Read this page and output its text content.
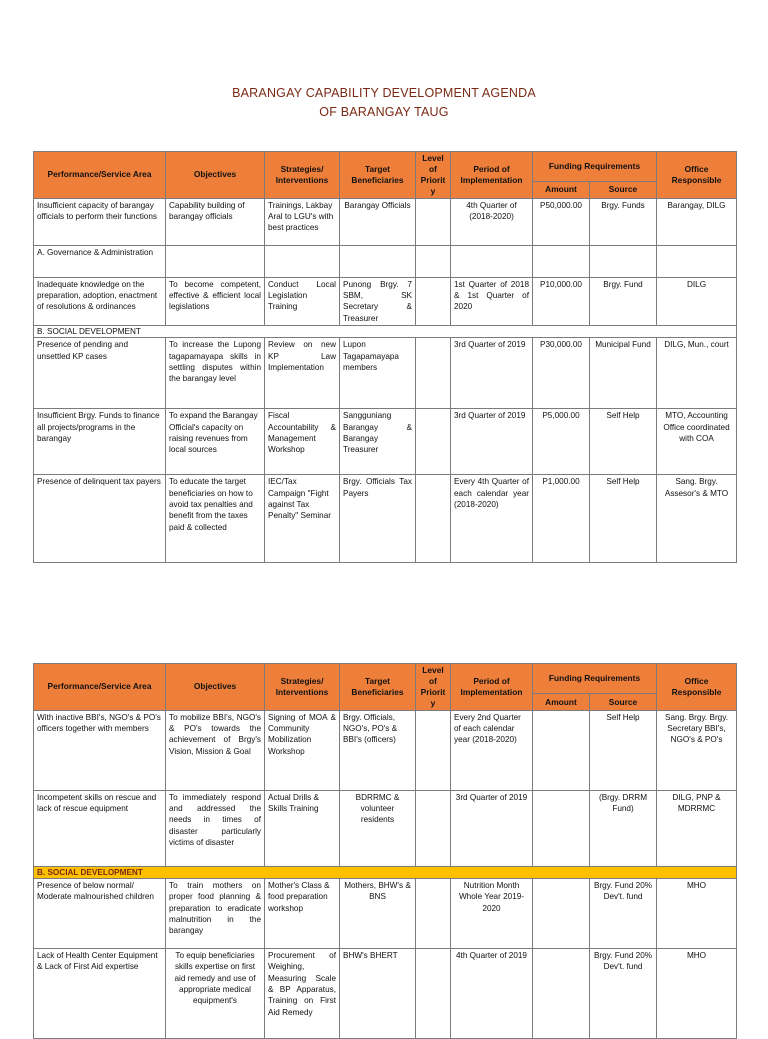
BARANGAY CAPABILITY DEVELOPMENT AGENDA
OF BARANGAY TAUG
Performance/Service Area	Objectives	Strategies/ Interventions	Target Beneficiaries	Level of Priority	Period of Implementation	Funding Requirements		Office Responsible
						Amount	Source	
Insufficient capacity of barangay officials to perform their functions	Capability building of barangay officials	Trainings, Lakbay Aral to LGU's with best practices	Barangay Officials		4th Quarter of (2018-2020)	P50,000.00	Brgy. Funds	Barangay, DILG
A. Governance & Administration								
Inadequate knowledge on the preparation, adoption, enactment of resolutions & ordinances	To become competent, effective & efficient local legislations	Conduct Local Legislation Training	Punong Brgy. 7 SBM, SK Secretary & Treasurer		1st Quarter of 2018 & 1st Quarter of 2020	P10,000.00	Brgy. Fund	DILG
B. SOCIAL DEVELOPMENT								
Presence of pending and unsettled KP cases	To increase the Lupong tagapamayapa skills in settling disputes within the barangay level	Review on new KP Law Implementation	Lupon Tagapamayapa members		3rd Quarter of 2019	P30,000.00	Municipal Fund	DILG, Mun., court
Insufficient Brgy. Funds to finance all projects/programs in the barangay	To expand the Barangay Official's capacity on raising revenues from local sources	Fiscal Accountability & Management Workshop	Sangguniang Barangay & Barangay Treasurer		3rd Quarter of 2019	P5,000.00	Self Help	MTO, Accounting Office coordinated with COA
Presence of delinquent tax payers	To educate the target beneficiaries on how to avoid tax penalties and benefit from the taxes paid & collected	IEC/Tax Campaign "Fight against Tax Penalty" Seminar	Brgy. Officials Tax Payers		Every 4th Quarter of each calendar year (2018-2020)	P1,000.00	Self Help	Sang. Brgy. Assesor's & MTO
Performance/Service Area	Objectives	Strategies/ Interventions	Target Beneficiaries	Level of Priority	Period of Implementation	Funding Requirements		Office Responsible
						Amount	Source	
With inactive BBI's, NGO's & PO's officers together with members	To mobilize BBI's, NGO's & PO's towards the achievement of Brgy's Vision, Mission & Goal	Signing of MOA & Community Mobilization Workshop	Brgy. Officials, NGO's, PO's & BBI's (officers)		Every 2nd Quarter of each calendar year (2018-2020)		Self Help	Sang. Brgy. Brgy. Secretary BBI's, NGO's & PO's
Incompetent skills on rescue and lack of rescue equipment	To immediately respond and addressed the needs in times of disaster particularly victims of disaster	Actual Drills & Skills Training	BDRRMC & volunteer residents		3rd Quarter of 2019		(Brgy. DRRM Fund)	DILG, PNP & MDRRMC
B. SOCIAL DEVELOPMENT								
Presence of below normal/ Moderate malnourished children	To train mothers on proper food planning & preparation to eradicate malnutrition in the barangay	Mother's Class & food preparation workshop	Mothers, BHW's & BNS		Nutrition Month Whole Year 2019-2020		Brgy. Fund 20% Dev't. fund	MHO
Lack of Health Center Equipment & Lack of First Aid expertise	To equip beneficiaries skills expertise on first aid remedy and use of appropriate medical equipment's	Procurement of Weighing, Measuring Scale & BP Apparatus, Training on First Aid Remedy	BHW's BHERT		4th Quarter of 2019		Brgy. Fund 20% Dev't. fund	MHO
